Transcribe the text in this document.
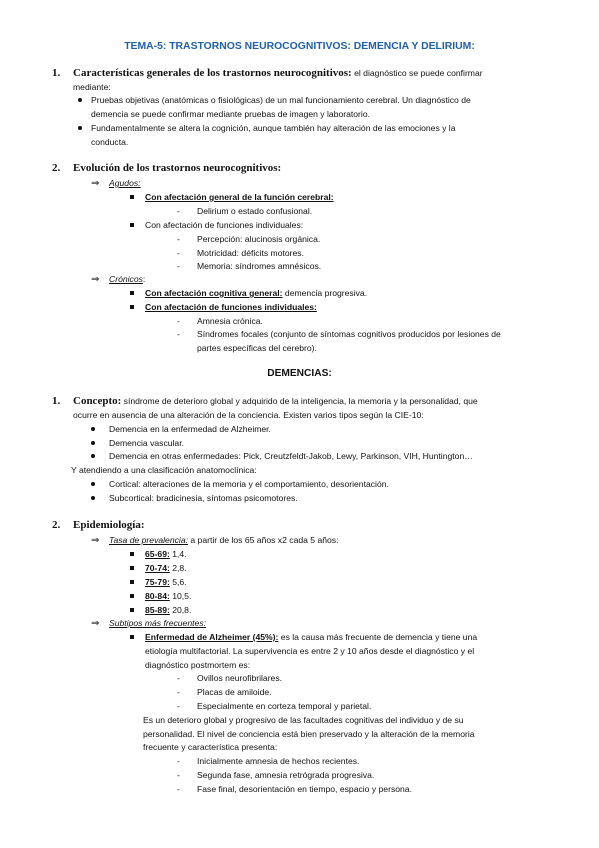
TEMA-5: TRASTORNOS NEUROCOGNITIVOS: DEMENCIA Y DELIRIUM:
1. Características generales de los trastornos neurocognitivos: el diagnóstico se puede confirmar
mediante:
Pruebas objetivas (anatómicas o fisiológicas) de un mal funcionamiento cerebral. Un diagnóstico de
demencia se puede confirmar mediante pruebas de imagen y laboratorio.
Fundamentalmente se altera la cognición, aunque también hay alteración de las emociones y la
conducta.
2. Evolución de los trastornos neurocognitivos:
⇒ Agudos:
Con afectación general de la función cerebral:
- Delirium o estado confusional.
Con afectación de funciones individuales:
- Percepción: alucinosis orgánica.
- Motricidad: déficits motores.
- Memoria: síndromes amnésicos.
⇒ Crónicos:
Con afectación cognitiva general: demencia progresiva.
Con afectación de funciones individuales:
- Amnesia crónica.
- Síndromes focales (conjunto de síntomas cognitivos producidos por lesiones de
partes específicas del cerebro).
DEMENCIAS:
1. Concepto: síndrome de deterioro global y adquirido de la inteligencia, la memoria y la personalidad, que
ocurre en ausencia de una alteración de la conciencia. Existen varios tipos según la CIE-10:
Demencia en la enfermedad de Alzheimer.
Demencia vascular.
Demencia en otras enfermedades: Pick, Creutzfeldt-Jakob, Lewy, Parkinson, VIH, Huntington…
Y atendiendo a una clasificación anatomoclínica:
Cortical: alteraciones de la memoria y el comportamiento, desorientación.
Subcortical: bradicinesia, síntomas psicomotores.
2. Epidemiología:
⇒ Tasa de prevalencia: a partir de los 65 años x2 cada 5 años:
65-69: 1,4.
70-74: 2,8.
75-79: 5,6.
80-84: 10,5.
85-89: 20,8.
⇒ Subtipos más frecuentes:
Enfermedad de Alzheimer (45%): es la causa más frecuente de demencia y tiene una
etiología multifactorial. La supervivencia es entre 2 y 10 años desde el diagnóstico y el
diagnóstico postmortem es:
- Ovillos neurofibrilares.
- Placas de amiloide.
- Especialmente en corteza temporal y parietal.
Es un deterioro global y progresivo de las facultades cognitivas del individuo y de su
personalidad. El nivel de conciencia está bien preservado y la alteración de la memoria
frecuente y característica presenta:
- Inicialmente amnesia de hechos recientes.
- Segunda fase, amnesia retrógrada progresiva.
- Fase final, desorientación en tiempo, espacio y persona.
